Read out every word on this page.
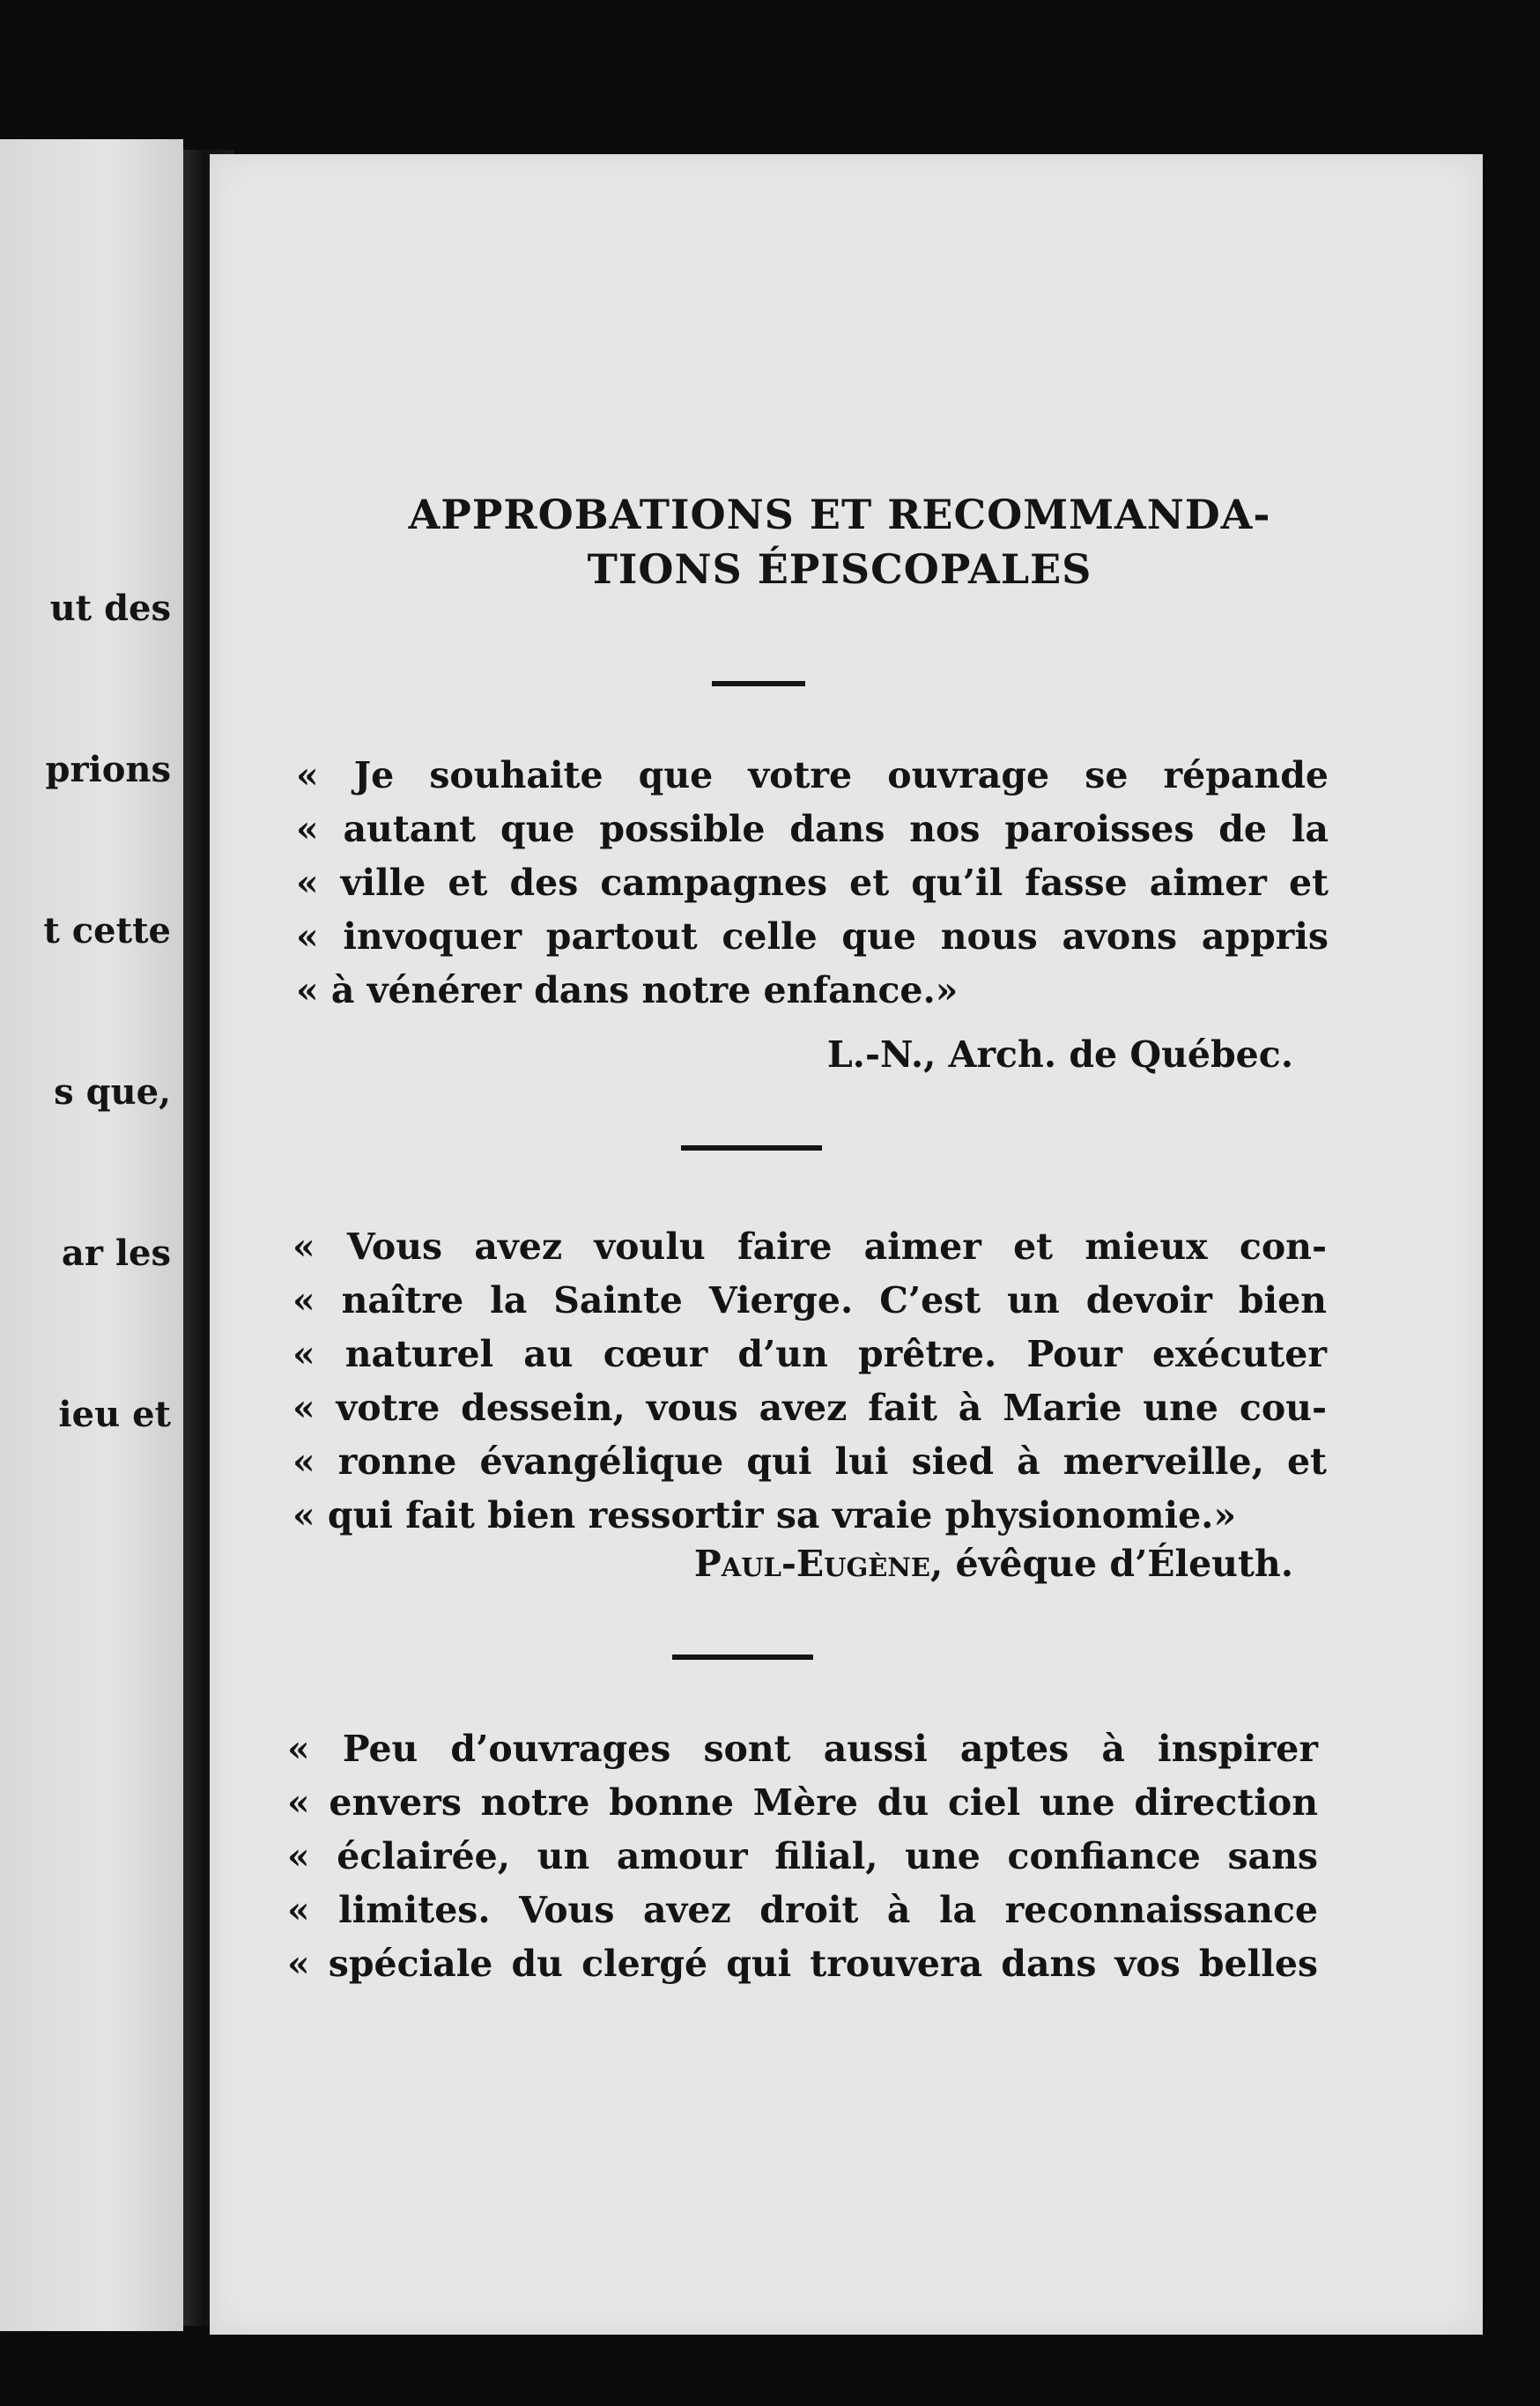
ut des

prions

t cette

s que,

ar les

ieu et

APPROBATIONS ET RECOMMANDA-
TIONS ÉPISCOPALES
« Je souhaite que votre ouvrage se répande
« autant que possible dans nos paroisses de la
« ville et des campagnes et qu’il fasse aimer et
« invoquer partout celle que nous avons appris
« à vénérer dans notre enfance.»
L.-N., Arch. de Québec.
« Vous avez voulu faire aimer et mieux con-
« naître la Sainte Vierge. C’est un devoir bien
« naturel au cœur d’un prêtre. Pour exécuter
« votre dessein, vous avez fait à Marie une cou-
« ronne évangélique qui lui sied à merveille, et
« qui fait bien ressortir sa vraie physionomie.»
Paul-Eugène, évêque d’Éleuth.
« Peu d’ouvrages sont aussi aptes à inspirer
« envers notre bonne Mère du ciel une direction
« éclairée, un amour filial, une confiance sans
« limites. Vous avez droit à la reconnaissance
« spéciale du clergé qui trouvera dans vos belles
